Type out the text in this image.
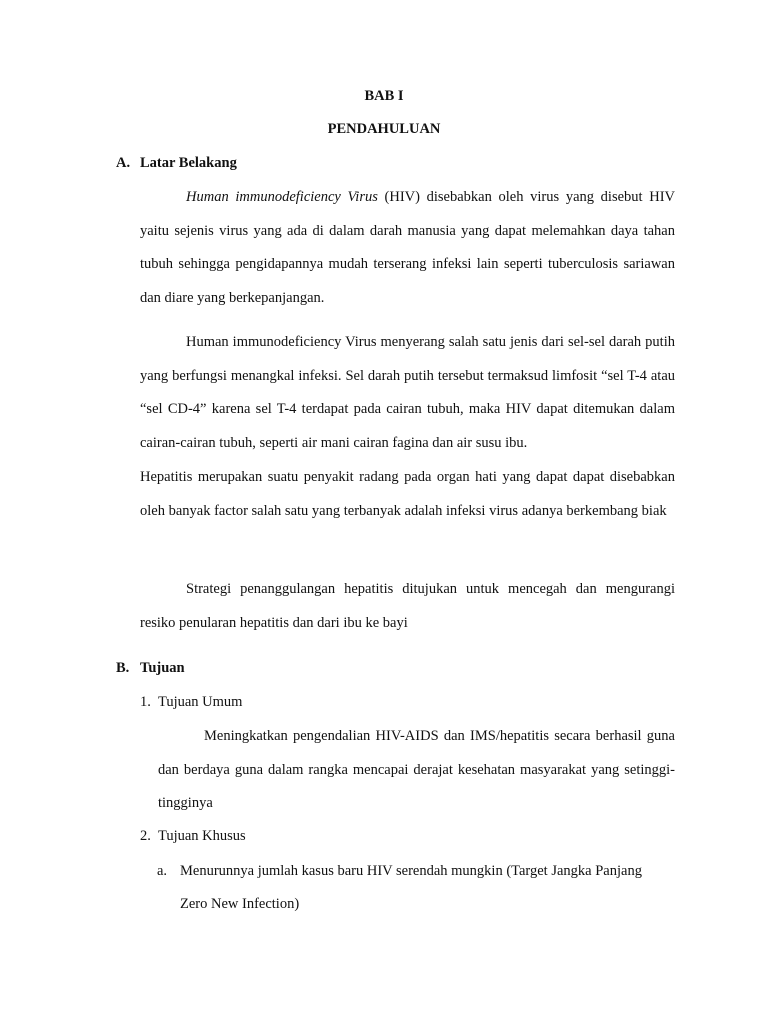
BAB I
PENDAHULUAN
A. Latar Belakang

Human immunodeficiency Virus (HIV) disebabkan oleh virus yang disebut HIV yaitu sejenis virus yang ada di dalam darah manusia yang dapat melemahkan daya tahan tubuh sehingga pengidapannya mudah terserang infeksi lain seperti tuberculosis sariawan dan diare yang berkepanjangan.

Human immunodeficiency Virus menyerang salah satu jenis dari sel-sel darah putih yang berfungsi menangkal infeksi. Sel darah putih tersebut termaksud limfosit “sel T-4 atau “sel CD-4” karena sel T-4 terdapat pada cairan tubuh, maka HIV dapat ditemukan dalam cairan-cairan tubuh, seperti air mani cairan fagina dan air susu ibu.

Hepatitis merupakan suatu penyakit radang pada organ hati yang dapat dapat disebabkan oleh banyak factor salah satu yang terbanyak adalah infeksi virus adanya berkembang biak

Strategi penanggulangan hepatitis ditujukan untuk mencegah dan mengurangi resiko penularan hepatitis dan dari ibu ke bayi

B. Tujuan
1. Tujuan Umum

Meningkatkan pengendalian HIV-AIDS dan IMS/hepatitis secara berhasil guna dan berdaya guna dalam rangka mencapai derajat kesehatan masyarakat yang setinggi-tingginya

2. Tujuan Khusus
a. Menurunnya jumlah kasus baru HIV serendah mungkin (Target Jangka Panjang
Zero New Infection)
